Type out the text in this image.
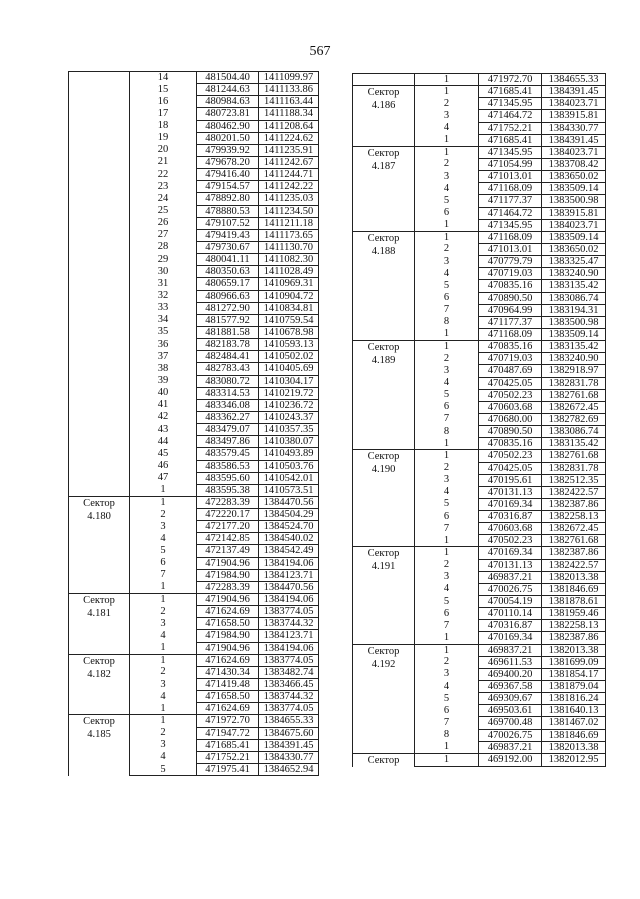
567
	14	481504.40	1411099.97
	15	481244.63	1411133.86
	16	480984.63	1411163.44
	17	480723.81	1411188.34
	18	480462.90	1411208.64
	19	480201.50	1411224.62
	20	479939.92	1411235.91
	21	479678.20	1411242.67
	22	479416.40	1411244.71
	23	479154.57	1411242.22
	24	478892.80	1411235.03
	25	478880.53	1411234.50
	26	479107.52	1411211.18
	27	479419.43	1411173.65
	28	479730.67	1411130.70
	29	480041.11	1411082.30
	30	480350.63	1411028.49
	31	480659.17	1410969.31
	32	480966.63	1410904.72
	33	481272.90	1410834.81
	34	481577.92	1410759.54
	35	481881.58	1410678.98
	36	482183.78	1410593.13
	37	482484.41	1410502.02
	38	482783.43	1410405.69
	39	483080.72	1410304.17
	40	483314.53	1410219.72
	41	483346.08	1410236.72
	42	483362.27	1410243.37
	43	483479.07	1410357.35
	44	483497.86	1410380.07
	45	483579.45	1410493.89
	46	483586.53	1410503.76
	47	483595.60	1410542.01
	1	483595.38	1410573.51
Сектор 4.180	1	472283.39	1384470.56
	2	472220.17	1384504.29
	3	472177.20	1384524.70
	4	472142.85	1384540.02
	5	472137.49	1384542.49
	6	471904.96	1384194.06
	7	471984.90	1384123.71
	1	472283.39	1384470.56
Сектор 4.181	1	471904.96	1384194.06
	2	471624.69	1383774.05
	3	471658.50	1383744.32
	4	471984.90	1384123.71
	1	471904.96	1384194.06
Сектор 4.182	1	471624.69	1383774.05
	2	471430.34	1383482.74
	3	471419.48	1383466.45
	4	471658.50	1383744.32
	1	471624.69	1383774.05
Сектор 4.185	1	471972.70	1384655.33
	2	471947.72	1384675.60
	3	471685.41	1384391.45
	4	471752.21	1384330.77
	5	471975.41	1384652.94
	1	471972.70	1384655.33
Сектор 4.186	1	471685.41	1384391.45
	2	471345.95	1384023.71
	3	471464.72	1383915.81
	4	471752.21	1384330.77
	1	471685.41	1384391.45
Сектор 4.187	1	471345.95	1384023.71
	2	471054.99	1383708.42
	3	471013.01	1383650.02
	4	471168.09	1383509.14
	5	471177.37	1383500.98
	6	471464.72	1383915.81
	1	471345.95	1384023.71
Сектор 4.188	1	471168.09	1383509.14
	2	471013.01	1383650.02
	3	470779.79	1383325.47
	4	470719.03	1383240.90
	5	470835.16	1383135.42
	6	470890.50	1383086.74
	7	470964.99	1383194.31
	8	471177.37	1383500.98
	1	471168.09	1383509.14
Сектор 4.189	1	470835.16	1383135.42
	2	470719.03	1383240.90
	3	470487.69	1382918.97
	4	470425.05	1382831.78
	5	470502.23	1382761.68
	6	470603.68	1382672.45
	7	470680.00	1382782.69
	8	470890.50	1383086.74
	1	470835.16	1383135.42
Сектор 4.190	1	470502.23	1382761.68
	2	470425.05	1382831.78
	3	470195.61	1382512.35
	4	470131.13	1382422.57
	5	470169.34	1382387.86
	6	470316.87	1382258.13
	7	470603.68	1382672.45
	1	470502.23	1382761.68
Сектор 4.191	1	470169.34	1382387.86
	2	470131.13	1382422.57
	3	469837.21	1382013.38
	4	470026.75	1381846.69
	5	470054.19	1381878.61
	6	470110.14	1381959.46
	7	470316.87	1382258.13
	1	470169.34	1382387.86
Сектор 4.192	1	469837.21	1382013.38
	2	469611.53	1381699.09
	3	469400.20	1381854.17
	4	469367.58	1381879.04
	5	469309.67	1381816.24
	6	469503.61	1381640.13
	7	469700.48	1381467.02
	8	470026.75	1381846.69
	1	469837.21	1382013.38
Сектор	1	469192.00	1382012.95
